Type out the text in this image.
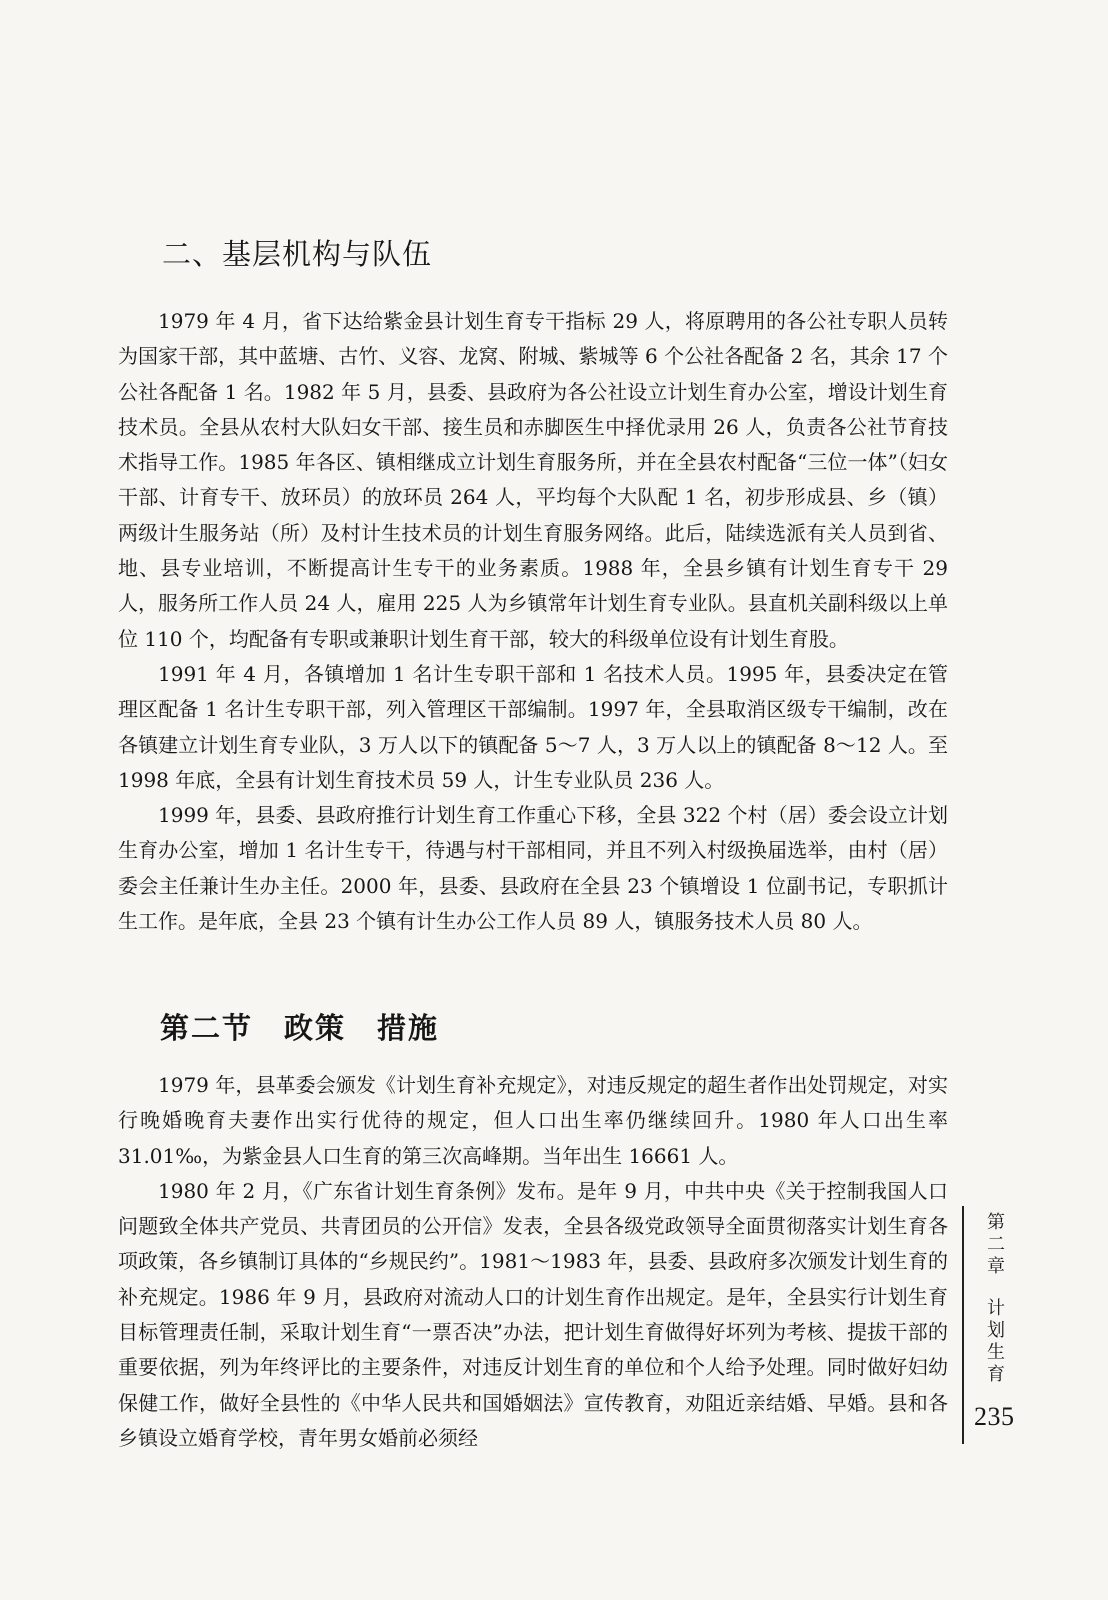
二、基层机构与队伍

1979 年 4 月，省下达给紫金县计划生育专干指标 29 人，将原聘用的各公社专职人员转为国家干部，其中蓝塘、古竹、义容、龙窝、附城、紫城等 6 个公社各配备 2 名，其余 17 个公社各配备 1 名。1982 年 5 月，县委、县政府为各公社设立计划生育办公室，增设计划生育技术员。全县从农村大队妇女干部、接生员和赤脚医生中择优录用 26 人，负责各公社节育技术指导工作。1985 年各区、镇相继成立计划生育服务所，并在全县农村配备“三位一体”（妇女干部、计育专干、放环员）的放环员 264 人，平均每个大队配 1 名，初步形成县、乡（镇）两级计生服务站（所）及村计生技术员的计划生育服务网络。此后，陆续选派有关人员到省、地、县专业培训，不断提高计生专干的业务素质。1988 年，全县乡镇有计划生育专干 29 人，服务所工作人员 24 人，雇用 225 人为乡镇常年计划生育专业队。县直机关副科级以上单位 110 个，均配备有专职或兼职计划生育干部，较大的科级单位设有计划生育股。

1991 年 4 月，各镇增加 1 名计生专职干部和 1 名技术人员。1995 年，县委决定在管理区配备 1 名计生专职干部，列入管理区干部编制。1997 年，全县取消区级专干编制，改在各镇建立计划生育专业队，3 万人以下的镇配备 5～7 人，3 万人以上的镇配备 8～12 人。至 1998 年底，全县有计划生育技术员 59 人，计生专业队员 236 人。

1999 年，县委、县政府推行计划生育工作重心下移，全县 322 个村（居）委会设立计划生育办公室，增加 1 名计生专干，待遇与村干部相同，并且不列入村级换届选举，由村（居）委会主任兼计生办主任。2000 年，县委、县政府在全县 23 个镇增设 1 位副书记，专职抓计生工作。是年底，全县 23 个镇有计生办公工作人员 89 人，镇服务技术人员 80 人。

第二节　政策　措施

1979 年，县革委会颁发《计划生育补充规定》，对违反规定的超生者作出处罚规定，对实行晚婚晚育夫妻作出实行优待的规定，但人口出生率仍继续回升。1980 年人口出生率 31.01‰，为紫金县人口生育的第三次高峰期。当年出生 16661 人。

1980 年 2 月，《广东省计划生育条例》发布。是年 9 月，中共中央《关于控制我国人口问题致全体共产党员、共青团员的公开信》发表，全县各级党政领导全面贯彻落实计划生育各项政策，各乡镇制订具体的“乡规民约”。1981～1983 年，县委、县政府多次颁发计划生育的补充规定。1986 年 9 月，县政府对流动人口的计划生育作出规定。是年，全县实行计划生育目标管理责任制，采取计划生育“一票否决”办法，把计划生育做得好坏列为考核、提拔干部的重要依据，列为年终评比的主要条件，对违反计划生育的单位和个人给予处理。同时做好妇幼保健工作，做好全县性的《中华人民共和国婚姻法》宣传教育，劝阻近亲结婚、早婚。县和各乡镇设立婚育学校，青年男女婚前必须经

第
二
章
计
划
生
育
235
